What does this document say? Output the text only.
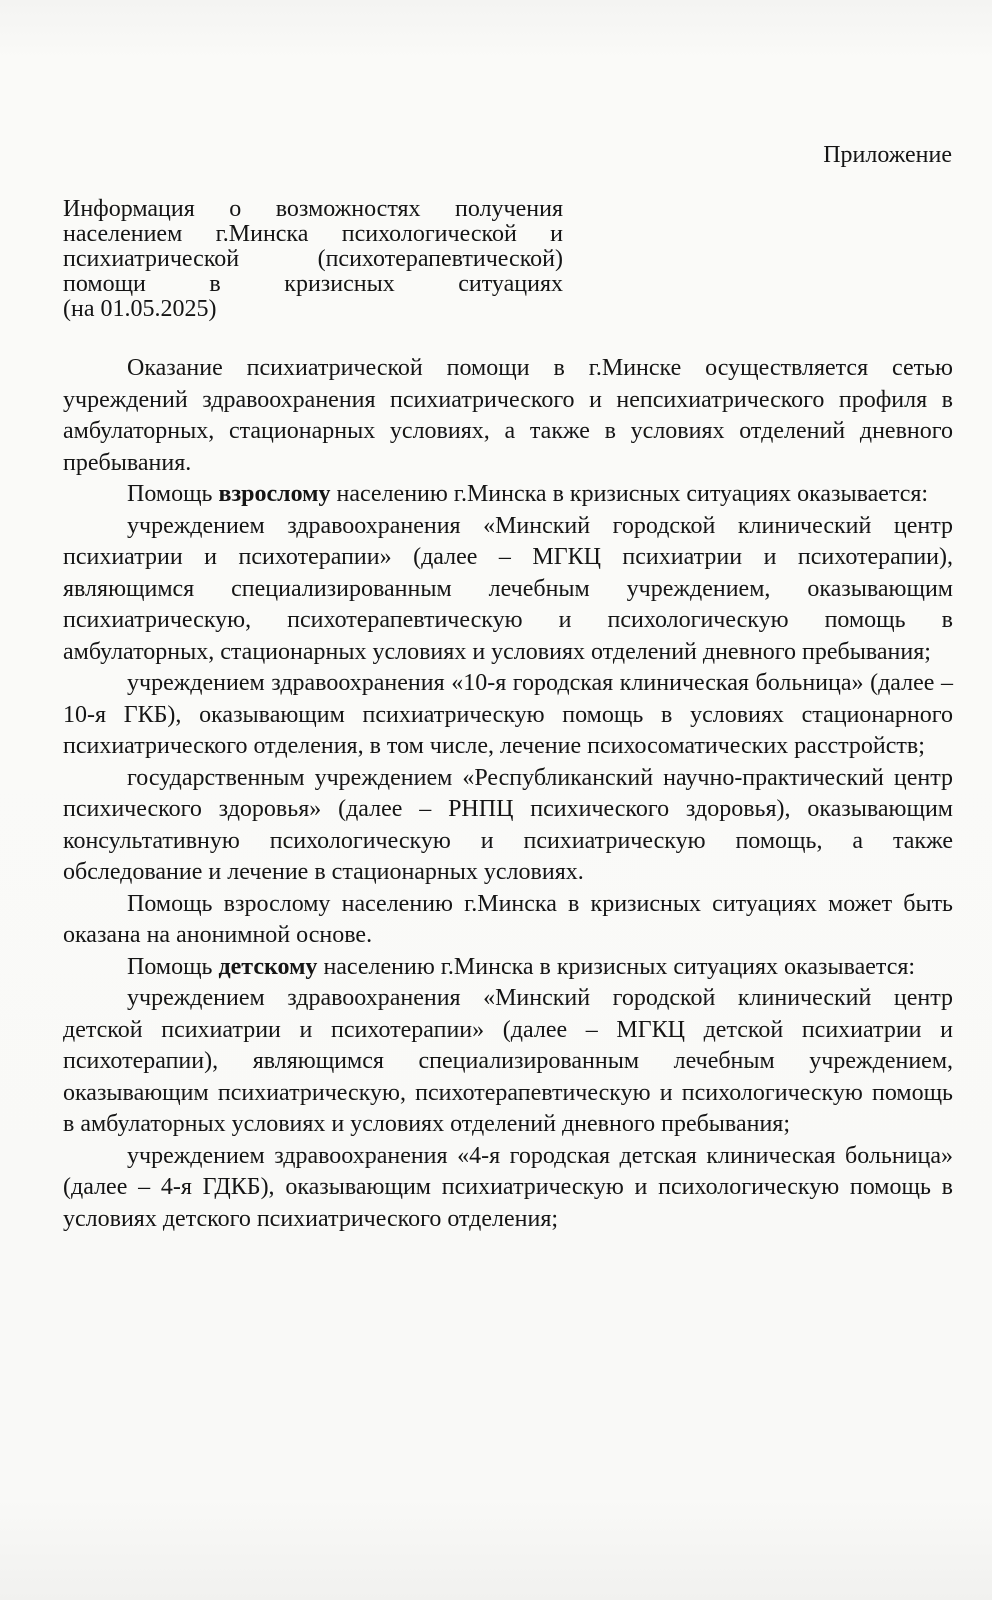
Приложение
Информация о возможностях получения
населением г.Минска психологической и
психиатрической (психотерапевтической)
помощи в кризисных ситуациях
(на 01.05.2025)

Оказание психиатрической помощи в г.Минске осуществляется сетью учреждений здравоохранения психиатрического и непсихиатрического профиля в амбулаторных, стационарных условиях, а также в условиях отделений дневного пребывания.

Помощь взрослому населению г.Минска в кризисных ситуациях оказывается:

учреждением здравоохранения «Минский городской клинический центр психиатрии и психотерапии» (далее – МГКЦ психиатрии и психотерапии), являющимся специализированным лечебным учреждением, оказывающим психиатрическую, психотерапевтическую и психологическую помощь в амбулаторных, стационарных условиях и условиях отделений дневного пребывания;

учреждением здравоохранения «10-я городская клиническая больница» (далее – 10-я ГКБ), оказывающим психиатрическую помощь в условиях стационарного психиатрического отделения, в том числе, лечение психосоматических расстройств;

государственным учреждением «Республиканский научно-практический центр психического здоровья» (далее – РНПЦ психического здоровья), оказывающим консультативную психологическую и психиатрическую помощь, а также обследование и лечение в стационарных условиях.

Помощь взрослому населению г.Минска в кризисных ситуациях может быть оказана на анонимной основе.

Помощь детскому населению г.Минска в кризисных ситуациях оказывается:

учреждением здравоохранения «Минский городской клинический центр детской психиатрии и психотерапии» (далее – МГКЦ детской психиатрии и психотерапии), являющимся специализированным лечебным учреждением, оказывающим психиатрическую, психотерапевтическую и психологическую помощь в амбулаторных условиях и условиях отделений дневного пребывания;

учреждением здравоохранения «4-я городская детская клиническая больница» (далее – 4-я ГДКБ), оказывающим психиатрическую и психологическую помощь в условиях детского психиатрического отделения;
